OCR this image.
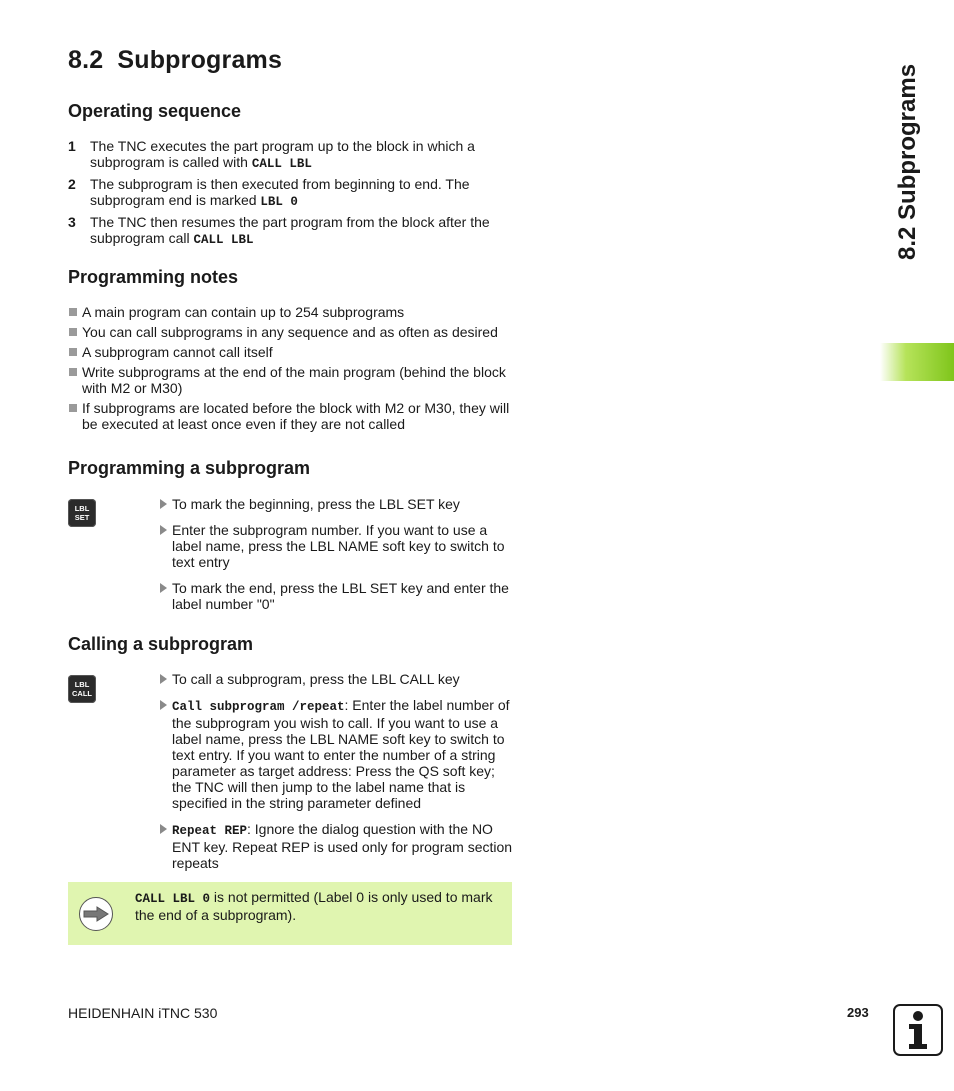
8.2 Subprograms
Operating sequence
1	The TNC executes the part program up to the block in which a subprogram is called with CALL LBL
2	The subprogram is then executed from beginning to end. The subprogram end is marked LBL 0
3	The TNC then resumes the part program from the block after the subprogram call CALL LBL
Programming notes
A main program can contain up to 254 subprograms
You can call subprograms in any sequence and as often as desired
A subprogram cannot call itself
Write subprograms at the end of the main program (behind the block with M2 or M30)
If subprograms are located before the block with M2 or M30, they will be executed at least once even if they are not called
Programming a subprogram
LBL
SET
To mark the beginning, press the LBL SET key
Enter the subprogram number. If you want to use a label name, press the LBL NAME soft key to switch to text entry
To mark the end, press the LBL SET key and enter the label number "0"
Calling a subprogram
LBL
CALL
To call a subprogram, press the LBL CALL key
Call subprogram /repeat: Enter the label number of the subprogram you wish to call. If you want to use a label name, press the LBL NAME soft key to switch to text entry. If you want to enter the number of a string parameter as target address: Press the QS soft key; the TNC will then jump to the label name that is specified in the string parameter defined
Repeat REP: Ignore the dialog question with the NO ENT key. Repeat REP is used only for program section repeats
CALL LBL 0 is not permitted (Label 0 is only used to mark the end of a subprogram).
8.2 Subprograms
HEIDENHAIN iTNC 530	293
